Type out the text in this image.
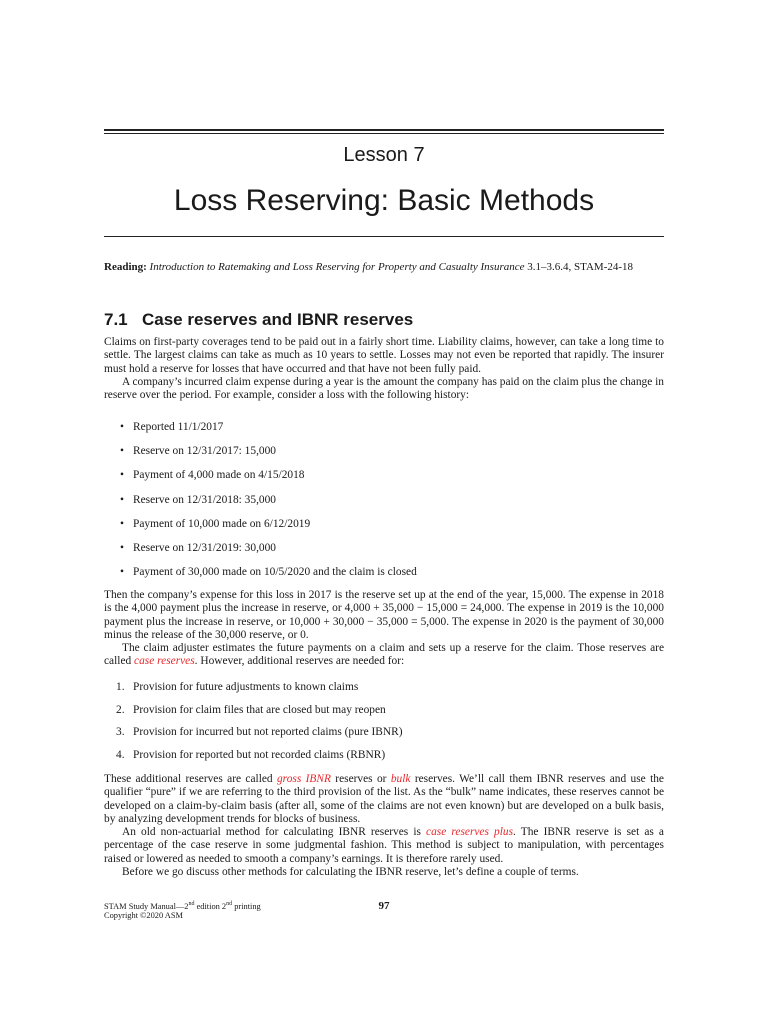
Lesson 7
Loss Reserving: Basic Methods
Reading: Introduction to Ratemaking and Loss Reserving for Property and Casualty Insurance 3.1–3.6.4, STAM-24-18
7.1 Case reserves and IBNR reserves

Claims on first-party coverages tend to be paid out in a fairly short time. Liability claims, however, can take a long time to settle. The largest claims can take as much as 10 years to settle. Losses may not even be reported that rapidly. The insurer must hold a reserve for losses that have occurred and that have not been fully paid.

A company’s incurred claim expense during a year is the amount the company has paid on the claim plus the change in reserve over the period. For example, consider a loss with the following history:

• Reported 11/1/2017
• Reserve on 12/31/2017: 15,000
• Payment of 4,000 made on 4/15/2018
• Reserve on 12/31/2018: 35,000
• Payment of 10,000 made on 6/12/2019
• Reserve on 12/31/2019: 30,000
• Payment of 30,000 made on 10/5/2020 and the claim is closed

Then the company’s expense for this loss in 2017 is the reserve set up at the end of the year, 15,000. The expense in 2018 is the 4,000 payment plus the increase in reserve, or 4,000 + 35,000 − 15,000 = 24,000. The expense in 2019 is the 10,000 payment plus the increase in reserve, or 10,000 + 30,000 − 35,000 = 5,000. The expense in 2020 is the payment of 30,000 minus the release of the 30,000 reserve, or 0.

The claim adjuster estimates the future payments on a claim and sets up a reserve for the claim. Those reserves are called case reserves. However, additional reserves are needed for:

1. Provision for future adjustments to known claims
2. Provision for claim files that are closed but may reopen
3. Provision for incurred but not reported claims (pure IBNR)
4. Provision for reported but not recorded claims (RBNR)

These additional reserves are called gross IBNR reserves or bulk reserves. We’ll call them IBNR reserves and use the qualifier “pure” if we are referring to the third provision of the list. As the “bulk” name indicates, these reserves cannot be developed on a claim-by-claim basis (after all, some of the claims are not even known) but are developed on a bulk basis, by analyzing development trends for blocks of business.

An old non-actuarial method for calculating IBNR reserves is case reserves plus. The IBNR reserve is set as a percentage of the case reserve in some judgmental fashion. This method is subject to manipulation, with percentages raised or lowered as needed to smooth a company’s earnings. It is therefore rarely used.

Before we go discuss other methods for calculating the IBNR reserve, let’s define a couple of terms.

STAM Study Manual—2nd edition 2nd printing
Copyright ©2020 ASM
97
